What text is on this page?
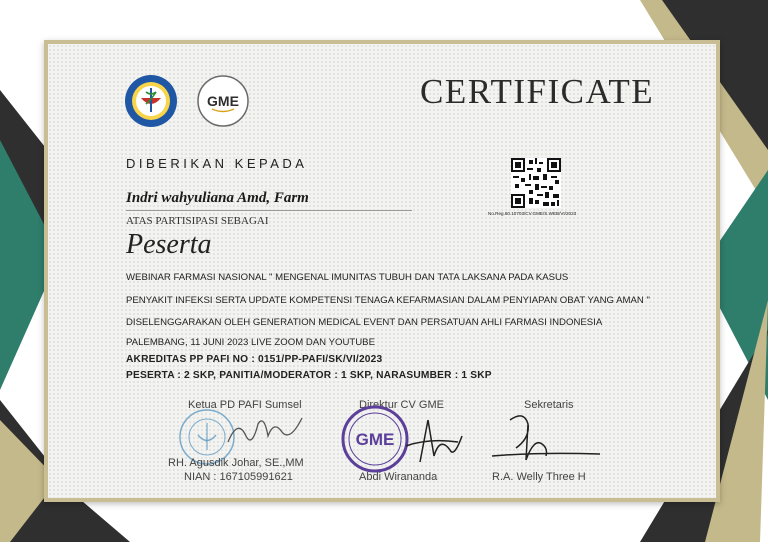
GME	CERTIFICATE
DIBERIKAN KEPADA
Indri wahyuliana Amd, Farm
ATAS PARTISIPASI SEBAGAI
Peserta
No.Reg.60.10703/CV.GME/S.WEB/VI/2023
WEBINAR FARMASI NASIONAL " MENGENAL IMUNITAS TUBUH DAN TATA LAKSANA PADA KASUS
PENYAKIT INFEKSI SERTA UPDATE KOMPETENSI TENAGA KEFARMASIAN DALAM PENYIAPAN OBAT YANG AMAN "
DISELENGGARAKAN OLEH GENERATION MEDICAL EVENT DAN PERSATUAN AHLI FARMASI INDONESIA
PALEMBANG, 11 JUNI 2023 LIVE ZOOM DAN YOUTUBE
AKREDITAS PP PAFI NO : 0151/PP-PAFI/SK/VI/2023
PESERTA : 2 SKP, PANITIA/MODERATOR : 1 SKP, NARASUMBER : 1 SKP
Ketua PD PAFI Sumsel
RH. Agusdik Johar, SE.,MM
NIAN : 167105991621
Direktur CV GME
GME
Abdi Wirananda
Sekretaris
R.A. Welly Three H
